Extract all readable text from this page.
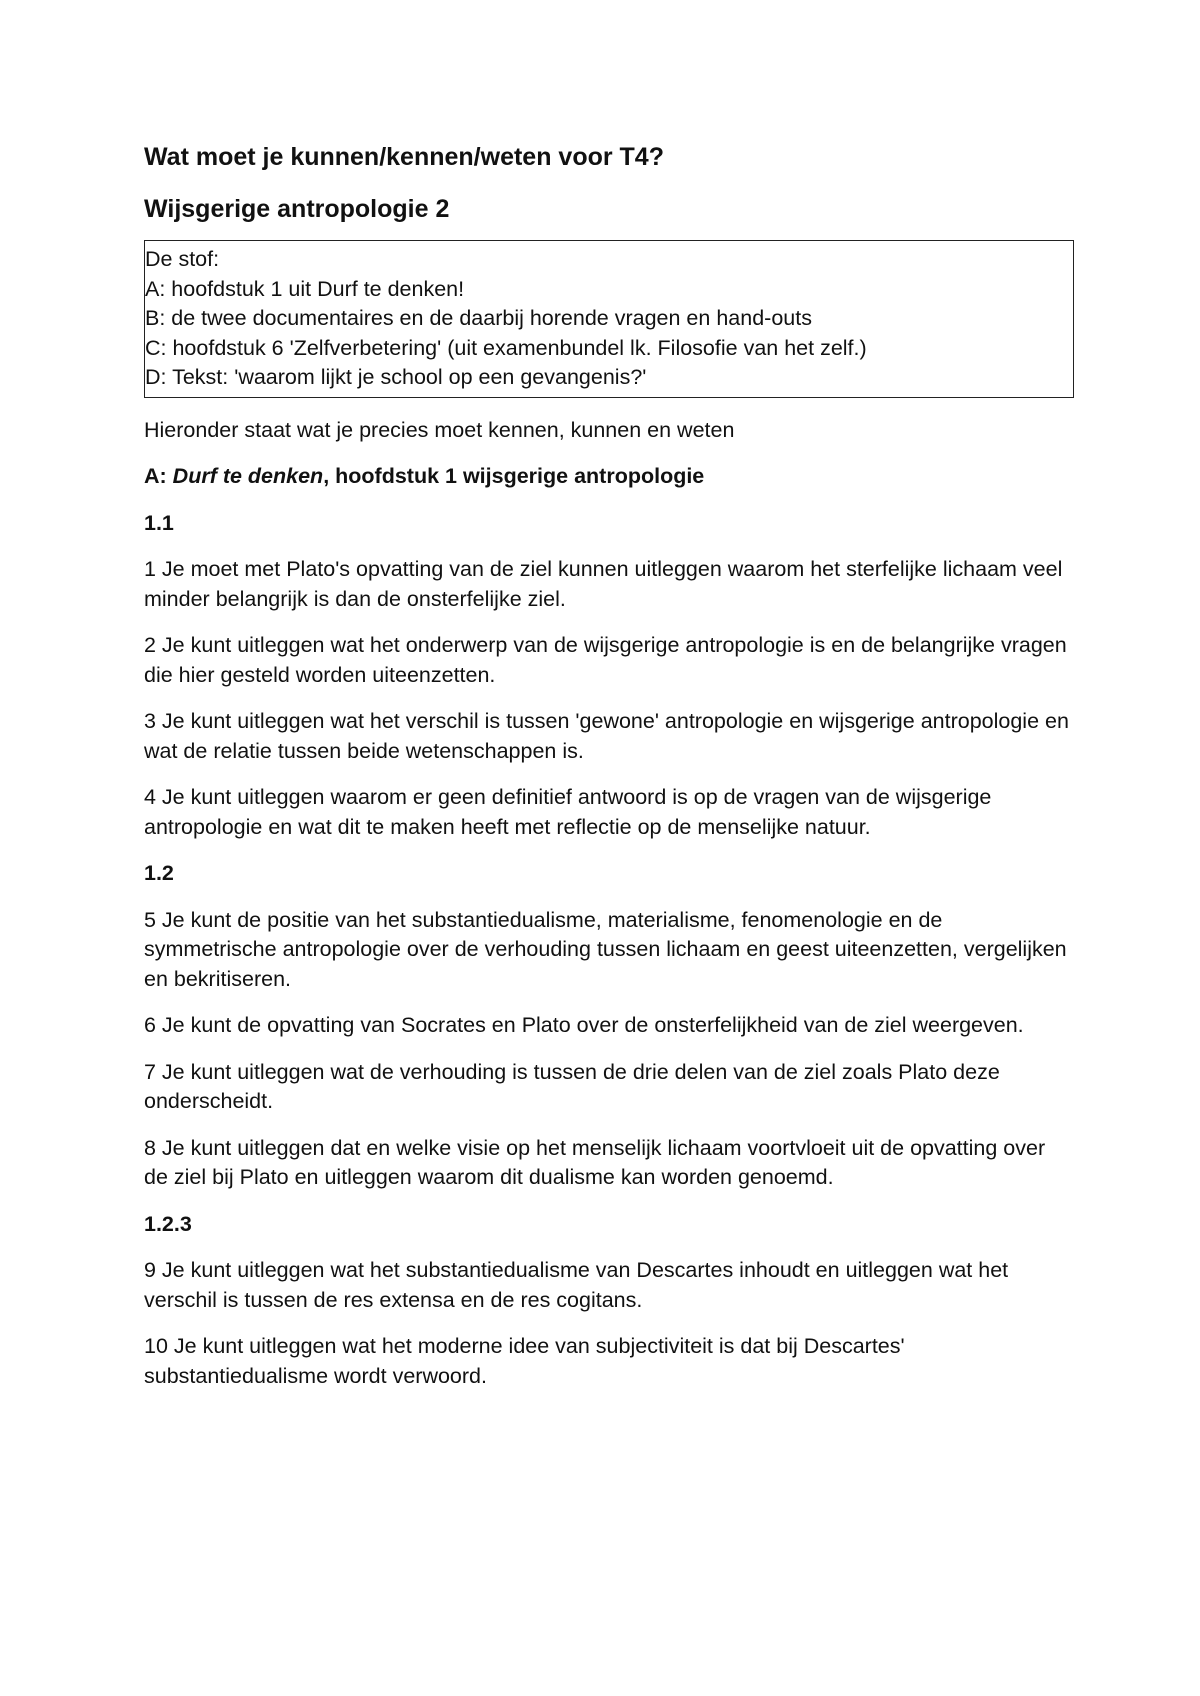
Wat moet je kunnen/kennen/weten voor T4?
Wijsgerige antropologie 2
De stof:
A: hoofdstuk 1 uit Durf te denken!
B: de twee documentaires en de daarbij horende vragen en hand-outs
C: hoofdstuk 6 'Zelfverbetering' (uit examenbundel lk. Filosofie van het zelf.)
D: Tekst: 'waarom lijkt je school op een gevangenis?'
Hieronder staat wat je precies moet kennen, kunnen en weten
A: Durf te denken, hoofdstuk 1 wijsgerige antropologie
1.1
1 Je moet met Plato's opvatting van de ziel kunnen uitleggen waarom het sterfelijke lichaam veel minder belangrijk is dan de onsterfelijke ziel.
2 Je kunt uitleggen wat het onderwerp van de wijsgerige antropologie is en de belangrijke vragen die hier gesteld worden uiteenzetten.
3 Je kunt uitleggen wat het verschil is tussen 'gewone' antropologie en wijsgerige antropologie en wat de relatie tussen beide wetenschappen is.
4 Je kunt uitleggen waarom er geen definitief antwoord is op de vragen van de wijsgerige antropologie en wat dit te maken heeft met reflectie op de menselijke natuur.
1.2
5 Je kunt de positie van het substantiedualisme, materialisme, fenomenologie en de symmetrische antropologie over de verhouding tussen lichaam en geest uiteenzetten, vergelijken en bekritiseren.
6 Je kunt de opvatting van Socrates en Plato over de onsterfelijkheid van de ziel weergeven.
7 Je kunt uitleggen wat de verhouding is tussen de drie delen van de ziel zoals Plato deze onderscheidt.
8 Je kunt uitleggen dat en welke visie op het menselijk lichaam voortvloeit uit de opvatting over de ziel bij Plato en uitleggen waarom dit dualisme kan worden genoemd.
1.2.3
9 Je kunt uitleggen wat het substantiedualisme van Descartes inhoudt en uitleggen wat het verschil is tussen de res extensa en de res cogitans.
10 Je kunt uitleggen wat het moderne idee van subjectiviteit is dat bij Descartes' substantiedualisme wordt verwoord.
